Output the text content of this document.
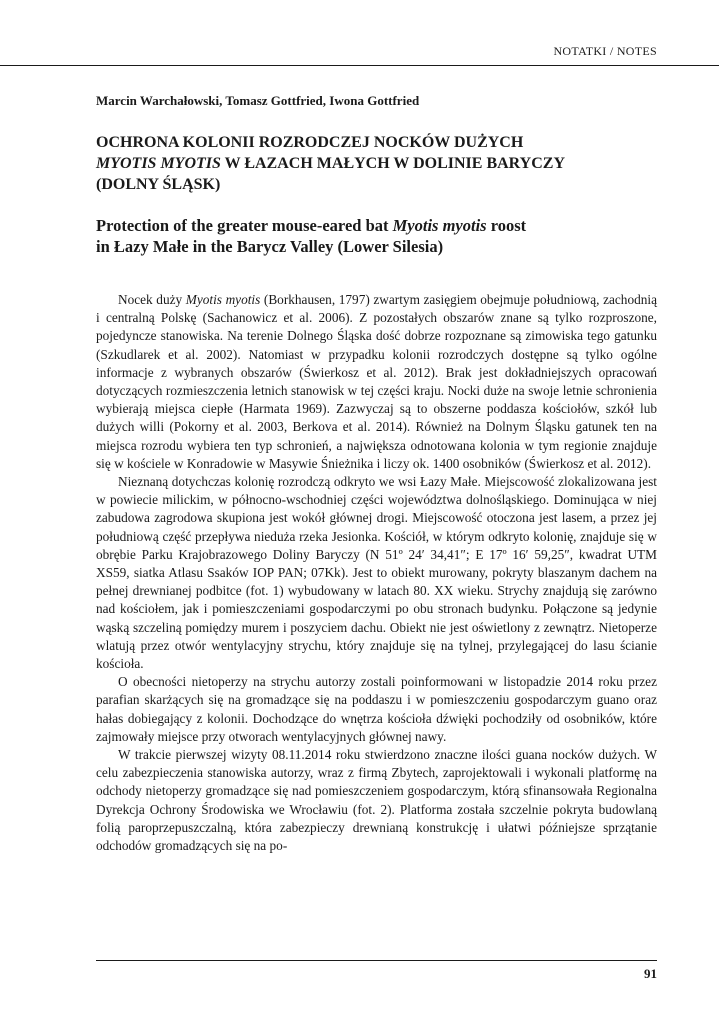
NOTATKI / NOTES
Marcin Warchałowski, Tomasz Gottfried, Iwona Gottfried
OCHRONA KOLONII ROZRODCZEJ NOCKÓW DUŻYCH
MYOTIS MYOTIS W ŁAZACH MAŁYCH W DOLINIE BARYCZY
(DOLNY ŚLĄSK)
Protection of the greater mouse-eared bat Myotis myotis roost
in Łazy Małe in the Barycz Valley (Lower Silesia)

Nocek duży Myotis myotis (Borkhausen, 1797) zwartym zasięgiem obejmuje południową, zachodnią i centralną Polskę (Sachanowicz et al. 2006). Z pozostałych obszarów znane są tylko rozproszone, pojedyncze stanowiska. Na terenie Dolnego Śląska dość dobrze rozpoznane są zimowiska tego gatunku (Szkudlarek et al. 2002). Natomiast w przypadku kolonii rozrodczych dostępne są tylko ogólne informacje z wybranych obszarów (Świerkosz et al. 2012). Brak jest dokładniejszych opracowań dotyczących rozmieszczenia letnich stanowisk w tej części kraju. Nocki duże na swoje letnie schronienia wybierają miejsca ciepłe (Harmata 1969). Zazwyczaj są to obszerne poddasza kościołów, szkół lub dużych willi (Pokorny et al. 2003, Berkova et al. 2014). Również na Dolnym Śląsku gatunek ten na miejsca rozrodu wybiera ten typ schronień, a największa odnotowana kolonia w tym regionie znajduje się w kościele w Konradowie w Masywie Śnieżnika i liczy ok. 1400 osobników (Świerkosz et al. 2012).

Nieznaną dotychczas kolonię rozrodczą odkryto we wsi Łazy Małe. Miejscowość zlokalizowana jest w powiecie milickim, w północno-wschodniej części województwa dolnośląskiego. Dominująca w niej zabudowa zagrodowa skupiona jest wokół głównej drogi. Miejscowość otoczona jest lasem, a przez jej południową część przepływa nieduża rzeka Jesionka. Kościół, w którym odkryto kolonię, znajduje się w obrębie Parku Krajobrazowego Doliny Baryczy (N 51º 24′ 34,41″; E 17º 16′ 59,25″, kwadrat UTM XS59, siatka Atlasu Ssaków IOP PAN; 07Kk). Jest to obiekt murowany, pokryty blaszanym dachem na pełnej drewnianej podbitce (fot. 1) wybudowany w latach 80. XX wieku. Strychy znajdują się zarówno nad kościołem, jak i pomieszczeniami gospodarczymi po obu stronach budynku. Połączone są jedynie wąską szczeliną pomiędzy murem i poszyciem dachu. Obiekt nie jest oświetlony z zewnątrz. Nietoperze wlatują przez otwór wentylacyjny strychu, który znajduje się na tylnej, przylegającej do lasu ścianie kościoła.

O obecności nietoperzy na strychu autorzy zostali poinformowani w listopadzie 2014 roku przez parafian skarżących się na gromadzące się na poddaszu i w pomieszczeniu gospodarczym guano oraz hałas dobiegający z kolonii. Dochodzące do wnętrza kościoła dźwięki pochodziły od osobników, które zajmowały miejsce przy otworach wentylacyjnych głównej nawy.

W trakcie pierwszej wizyty 08.11.2014 roku stwierdzono znaczne ilości guana nocków dużych. W celu zabezpieczenia stanowiska autorzy, wraz z firmą Zbytech, zaprojektowali i wykonali platformę na odchody nietoperzy gromadzące się nad pomieszczeniem gospodarczym, którą sfinansowała Regionalna Dyrekcja Ochrony Środowiska we Wrocławiu (fot. 2). Platforma została szczelnie pokryta budowlaną folią paroprzepuszczalną, która zabezpieczy drewnianą konstrukcję i ułatwi późniejsze sprzątanie odchodów gromadzących się na po-

91
